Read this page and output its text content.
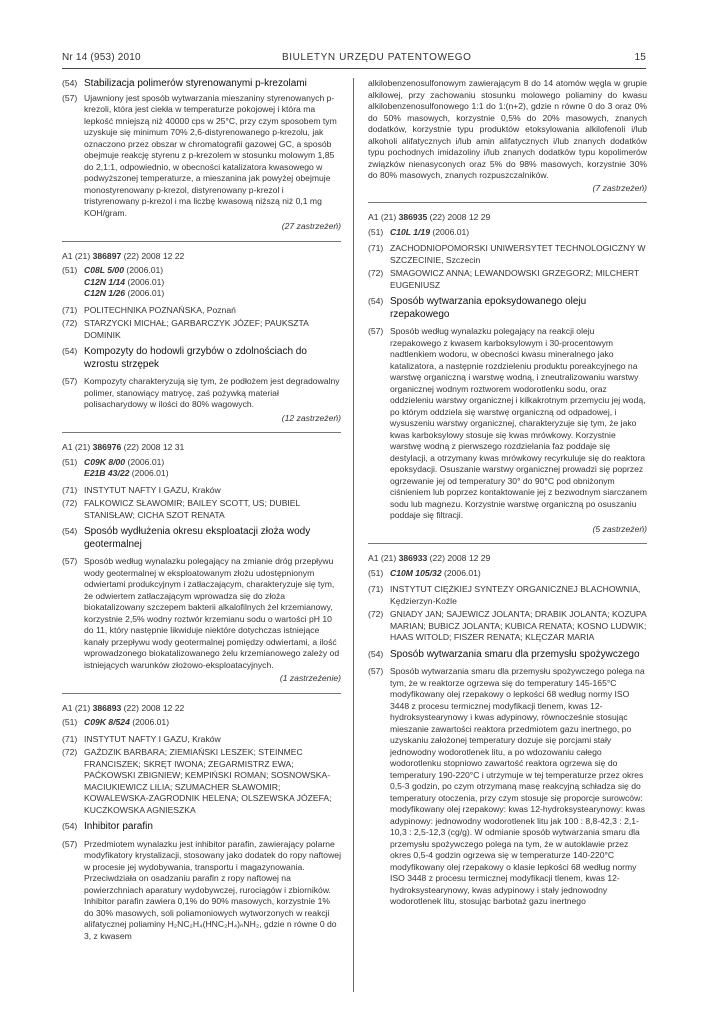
Nr 14 (953) 2010	BIULETYN URZĘDU PATENTOWEGO	15
(54) Stabilizacja polimerów styrenowanymi p-krezolami
(57) Ujawniony jest sposób wytwarzania mieszaniny styrenowanych p-krezoli, która jest ciekła w temperaturze pokojowej i która ma lepkość mniejszą niż 40000 cps w 25°C, przy czym sposobem tym uzyskuje się minimum 70% 2,6-distyrenowanego p-krezolu, jak oznaczono przez obszar w chromatografii gazowej GC, a sposób obejmuje reakcję styrenu z p-krezolem w stosunku molowym 1,85 do 2,1:1, odpowiednio, w obecności katalizatora kwasowego w podwyższonej temperaturze, a mieszanina jak powyżej obejmuje monostyrenowany p-krezol, distyrenowany p-krezol i tristyrenowany p-krezol i ma liczbę kwasową niższą niż 0,1 mg KOH/gram.
(27 zastrzeżeń)
A1 (21) 386897 (22) 2008 12 22
(51) C08L 5/00 (2006.01)
C12N 1/14 (2006.01)
C12N 1/26 (2006.01)
(71) POLITECHNIKA POZNAŃSKA, Poznań
(72) STARZYCKI MICHAŁ; GARBARCZYK JÓZEF; PAUKSZTA DOMINIK
(54) Kompozyty do hodowli grzybów o zdolnościach do wzrostu strzępek
(57) Kompozyty charakteryzują się tym, że podłożem jest degradowalny polimer, stanowiący matrycę, zaś pożywką materiał polisacharydowy w ilości do 80% wagowych.
(12 zastrzeżeń)
A1 (21) 386976 (22) 2008 12 31
(51) C09K 8/00 (2006.01)
E21B 43/22 (2006.01)
(71) INSTYTUT NAFTY I GAZU, Kraków
(72) FALKOWICZ SŁAWOMIR; BAILEY SCOTT, US; DUBIEL STANISŁAW; CICHA SZOT RENATA
(54) Sposób wydłużenia okresu eksploatacji złoża wody geotermalnej
(57) Sposób według wynalazku polegający na zmianie dróg przepływu wody geotermalnej w eksploatowanym złożu udostępnionym odwiertami produkcyjnym i zatłaczającym, charakteryzuje się tym, że odwiertem zatłaczającym wprowadza się do złoża biokatalizowany szczepem bakterii alkalofilnych żel krzemianowy, korzystnie 2,5% wodny roztwór krzemianu sodu o wartości pH 10 do 11, który następnie likwiduje niektóre dotychczas istniejące kanały przepływu wody geotermalnej pomiędzy odwiertami, a ilość wprowadzonego biokatalizowanego żelu krzemianowego zależy od istniejących warunków złożowo-eksploatacyjnych.
(1 zastrzeżenie)
A1 (21) 386893 (22) 2008 12 22
(51) C09K 8/524 (2006.01)
(71) INSTYTUT NAFTY I GAZU, Kraków
(72) GAŹDZIK BARBARA; ZIEMIAŃSKI LESZEK; STEINMEC FRANCISZEK; SKRĘT IWONA; ZEGARMISTRZ EWA; PAĆKOWSKI ZBIGNIEW; KEMPIŃSKI ROMAN; SOSNOWSKA-MACIUKIEWICZ LILIA; SZUMACHER SŁAWOMIR; KOWALEWSKA-ZAGRODNIK HELENA; OLSZEWSKA JÓZEFA; KUCZKOWSKA AGNIESZKA
(54) Inhibitor parafin
(57) Przedmiotem wynalazku jest inhibitor parafin, zawierający polarne modyfikatory krystalizacji, stosowany jako dodatek do ropy naftowej w procesie jej wydobywania, transportu i magazynowania. Przeciwdziała on osadzaniu parafin z ropy naftowej na powierzchniach aparatury wydobywczej, rurociągów i zbiorników. Inhibitor parafin zawiera 0,1% do 90% masowych, korzystnie 1% do 30% masowych, soli poliamoniowych wytworzonych w reakcji alifatycznej poliaminy H₂NC₂H₄(HNC₂H₄)ₙNH₂, gdzie n równe 0 do 3, z kwasem
alkilobenzenosulfonowym zawierającym 8 do 14 atomów węgla w grupie alkilowej, przy zachowaniu stosunku molowego poliaminy do kwasu alkilobenzenosulfonowego 1:1 do 1:(n+2), gdzie n równe 0 do 3 oraz 0% do 50% masowych, korzystnie 0,5% do 20% masowych, znanych dodatków, korzystnie typu produktów etoksylowania alkilofenoli i/lub alkoholi alifatycznych i/lub amin alifatycznych i/lub znanych dodatków typu pochodnych imidazoliny i/lub znanych dodatków typu kopolimerów związków nienasyconych oraz 5% do 98% masowych, korzystnie 30% do 80% masowych, znanych rozpuszczalników.
(7 zastrzeżeń)
A1 (21) 386935 (22) 2008 12 29
(51) C10L 1/19 (2006.01)
(71) ZACHODNIOPOMORSKI UNIWERSYTET TECHNOLOGICZNY W SZCZECINIE, Szczecin
(72) SMAGOWICZ ANNA; LEWANDOWSKI GRZEGORZ; MILCHERT EUGENIUSZ
(54) Sposób wytwarzania epoksydowanego oleju rzepakowego
(57) Sposób według wynalazku polegający na reakcji oleju rzepakowego z kwasem karboksylowym i 30-procentowym nadtlenkiem wodoru, w obecności kwasu mineralnego jako katalizatora, a następnie rozdzieleniu produktu poreakcyjnego na warstwę organiczną i warstwę wodną, i zneutralizowaniu warstwy organicznej wodnym roztworem wodorotlenku sodu, oraz oddzieleniu warstwy organicznej i kilkakrotnym przemyciu jej wodą, po którym oddziela się warstwę organiczną od odpadowej, i wysuszeniu warstwy organicznej, charakteryzuje się tym, że jako kwas karboksylowy stosuje się kwas mrówkowy. Korzystnie warstwę wodną z pierwszego rozdzielania faz poddaje się destylacji, a otrzymany kwas mrówkowy recyrkuluje się do reaktora epoksydacji. Osuszanie warstwy organicznej prowadzi się poprzez ogrzewanie jej od temperatury 30° do 90°C pod obniżonym ciśnieniem lub poprzez kontaktowanie jej z bezwodnym siarczanem sodu lub magnezu. Korzystnie warstwę organiczną po osuszaniu poddaje się filtracji.
(5 zastrzeżeń)
A1 (21) 386933 (22) 2008 12 29
(51) C10M 105/32 (2006.01)
(71) INSTYTUT CIĘŻKIEJ SYNTEZY ORGANICZNEJ BLACHOWNIA, Kędzierzyn-Koźle
(72) GNIADY JAN; SAJEWICZ JOLANTA; DRABIK JOLANTA; KOZUPA MARIAN; BUBICZ JOLANTA; KUBICA RENATA; KOSNO LUDWIK; HAAS WITOLD; FISZER RENATA; KLĘCZAR MARIA
(54) Sposób wytwarzania smaru dla przemysłu spożywczego
(57) Sposób wytwarzania smaru dla przemysłu spożywczego polega na tym, że w reaktorze ogrzewa się do temperatury 145-165°C modyfikowany olej rzepakowy o lepkości 68 według normy ISO 3448 z procesu termicznej modyfikacji tlenem, kwas 12-hydroksystearynowy i kwas adypinowy, równocześnie stosując mieszanie zawartości reaktora przedmiotem gazu inertnego, po uzyskaniu założonej temperatury dozuje się porcjami stały jednowodny wodorotlenek litu, a po wdozowaniu całego wodorotlenku stopniowo zawartość reaktora ogrzewa się do temperatury 190-220°C i utrzymuje w tej temperaturze przez okres 0,5-3 godzin, po czym otrzymaną masę reakcyjną schładza się do temperatury otoczenia, przy czym stosuje się proporcje surowców: modyfikowany olej rzepakowy: kwas 12-hydroksystearynowy: kwas adypinowy: jednowodny wodorotlenek litu jak 100 : 8,8-42,3 : 2,1-10,3 : 2,5-12,3 (cg/g). W odmianie sposób wytwarzania smaru dla przemysłu spożywczego polega na tym, że w autoklawie przez okres 0,5-4 godzin ogrzewa się w temperaturze 140-220°C modyfikowany olej rzepakowy o klasie lepkości 68 według normy ISO 3448 z procesu termicznej modyfikacji tlenem, kwas 12-hydroksystearynowy, kwas adypinowy i stały jednowodny wodorotlenek litu, stosując barbotaż gazu inertnego
